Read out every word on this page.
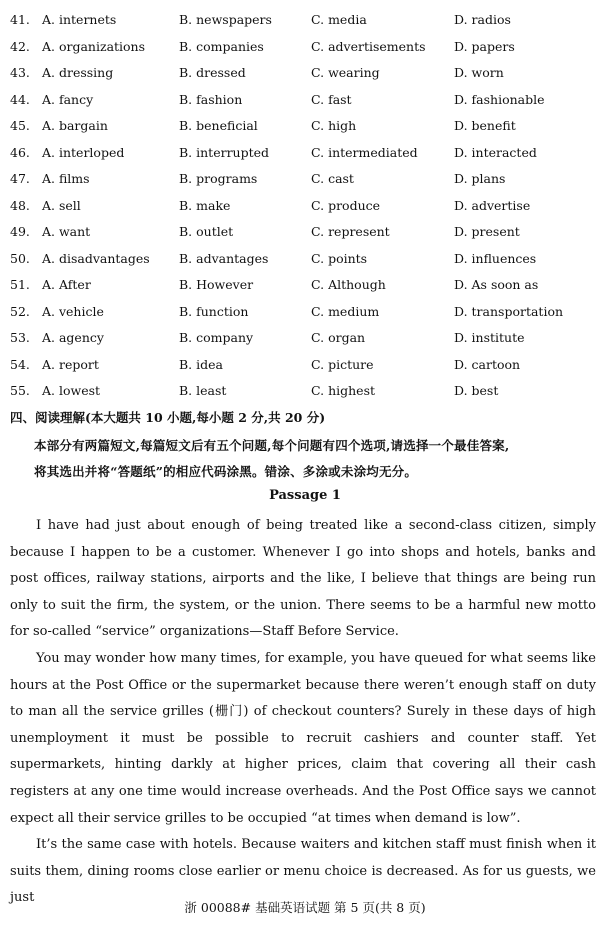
41. A. internets	B. newspapers	C. media	D. radios
42. A. organizations	B. companies	C. advertisements D. papers
43. A. dressing	B. dressed	C. wearing	D. worn
44. A. fancy	B. fashion	C. fast	D. fashionable
45. A. bargain	B. beneficial	C. high	D. benefit
46. A. interloped	B. interrupted	C. intermediated	D. interacted
47. A. films	B. programs	C. cast	D. plans
48. A. sell	B. make	C. produce	D. advertise
49. A. want	B. outlet	C. represent	D. present
50. A. disadvantages B. advantages	C. points	D. influences
51. A. After	B. However	C. Although	D. As soon as
52. A. vehicle	B. function	C. medium	D. transportation
53. A. agency	B. company	C. organ	D. institute
54. A. report	B. idea	C. picture	D. cartoon
55. A. lowest	B. least	C. highest	D. best
四、阅读理解(本大题共 10 小题,每小题 2 分,共 20 分)

本部分有两篇短文,每篇短文后有五个问题,每个问题有四个选项,请选择一个最佳答案,

将其选出并将“答题纸”的相应代码涂黑。错涂、多涂或未涂均无分。

Passage 1

I have had just about enough of being treated like a second-class citizen, simply because I happen to be a customer. Whenever I go into shops and hotels, banks and post offices, railway stations, airports and the like, I believe that things are being run only to suit the firm, the system, or the union. There seems to be a harmful new motto for so-called “service” organizations—Staff Before Service.

You may wonder how many times, for example, you have queued for what seems like hours at the Post Office or the supermarket because there weren’t enough staff on duty to man all the service grilles (栅门) of checkout counters? Surely in these days of high unemployment it must be possible to recruit cashiers and counter staff. Yet supermarkets, hinting darkly at higher prices, claim that covering all their cash registers at any one time would increase overheads. And the Post Office says we cannot expect all their service grilles to be occupied “at times when demand is low”.

It’s the same case with hotels. Because waiters and kitchen staff must finish when it suits them, dining rooms close earlier or menu choice is decreased. As for us guests, we just

浙 00088# 基础英语试题 第 5 页(共 8 页)
